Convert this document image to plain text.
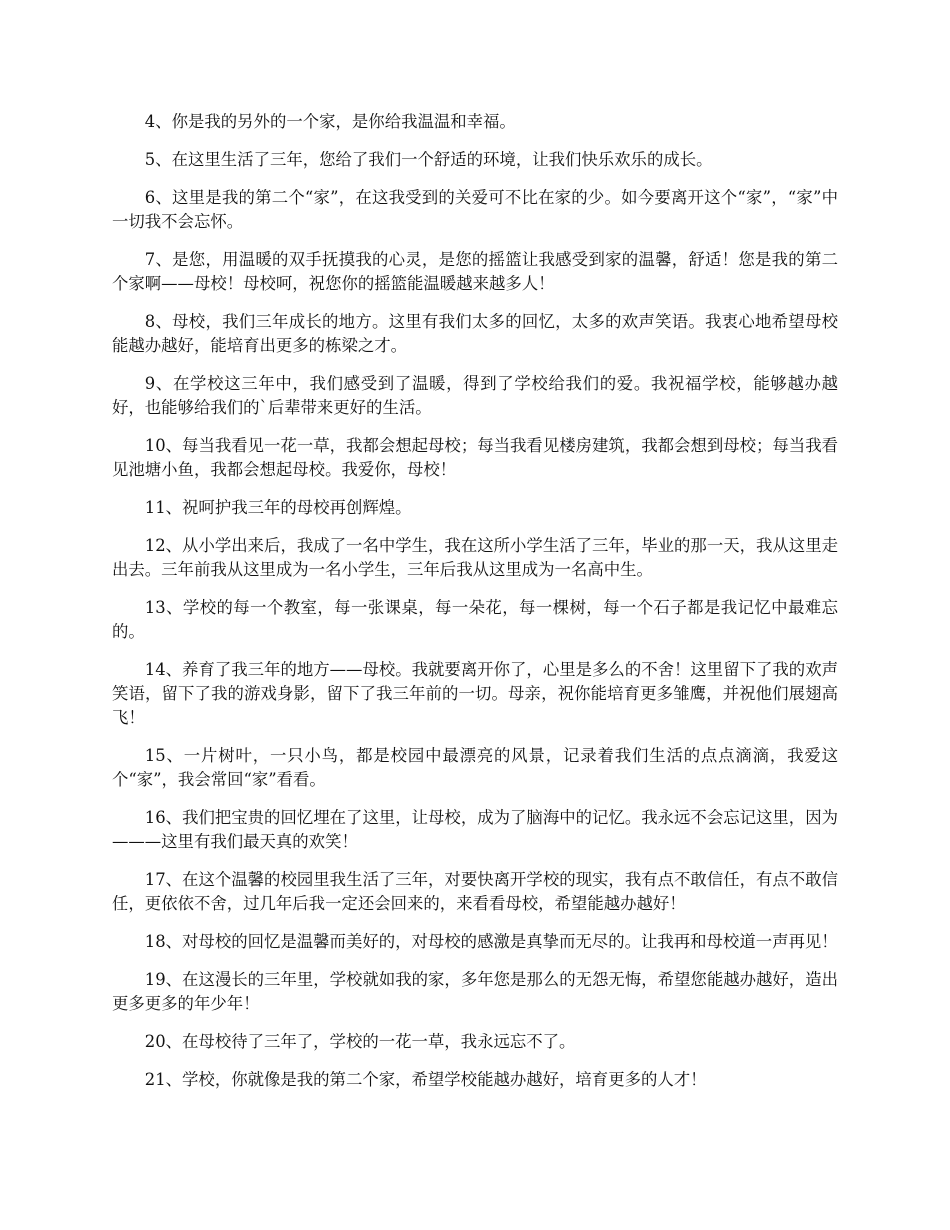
4、你是我的另外的一个家，是你给我温温和幸福。

5、在这里生活了三年，您给了我们一个舒适的环境，让我们快乐欢乐的成长。

6、这里是我的第二个“家”，在这我受到的关爱可不比在家的少。如今要离开这个“家”，“家”中一切我不会忘怀。

7、是您，用温暖的双手抚摸我的心灵，是您的摇篮让我感受到家的温馨，舒适！您是我的第二个家啊——母校！母校呵，祝您你的摇篮能温暖越来越多人！

8、母校，我们三年成长的地方。这里有我们太多的回忆，太多的欢声笑语。我衷心地希望母校能越办越好，能培育出更多的栋梁之才。

9、在学校这三年中，我们感受到了温暖，得到了学校给我们的爱。我祝福学校，能够越办越好，也能够给我们的`后辈带来更好的生活。

10、每当我看见一花一草，我都会想起母校；每当我看见楼房建筑，我都会想到母校；每当我看见池塘小鱼，我都会想起母校。我爱你，母校！

11、祝呵护我三年的母校再创辉煌。

12、从小学出来后，我成了一名中学生，我在这所小学生活了三年，毕业的那一天，我从这里走出去。三年前我从这里成为一名小学生，三年后我从这里成为一名高中生。

13、学校的每一个教室，每一张课桌，每一朵花，每一棵树，每一个石子都是我记忆中最难忘的。

14、养育了我三年的地方——母校。我就要离开你了，心里是多么的不舍！这里留下了我的欢声笑语，留下了我的游戏身影，留下了我三年前的一切。母亲，祝你能培育更多雏鹰，并祝他们展翅高飞！

15、一片树叶，一只小鸟，都是校园中最漂亮的风景，记录着我们生活的点点滴滴，我爱这个“家”，我会常回“家”看看。

16、我们把宝贵的回忆埋在了这里，让母校，成为了脑海中的记忆。我永远不会忘记这里，因为———这里有我们最天真的欢笑！

17、在这个温馨的校园里我生活了三年，对要快离开学校的现实，我有点不敢信任，有点不敢信任，更依依不舍，过几年后我一定还会回来的，来看看母校，希望能越办越好！

18、对母校的回忆是温馨而美好的，对母校的感激是真挚而无尽的。让我再和母校道一声再见！

19、在这漫长的三年里，学校就如我的家，多年您是那么的无怨无悔，希望您能越办越好，造出更多更多的年少年！

20、在母校待了三年了，学校的一花一草，我永远忘不了。

21、学校，你就像是我的第二个家，希望学校能越办越好，培育更多的人才！
